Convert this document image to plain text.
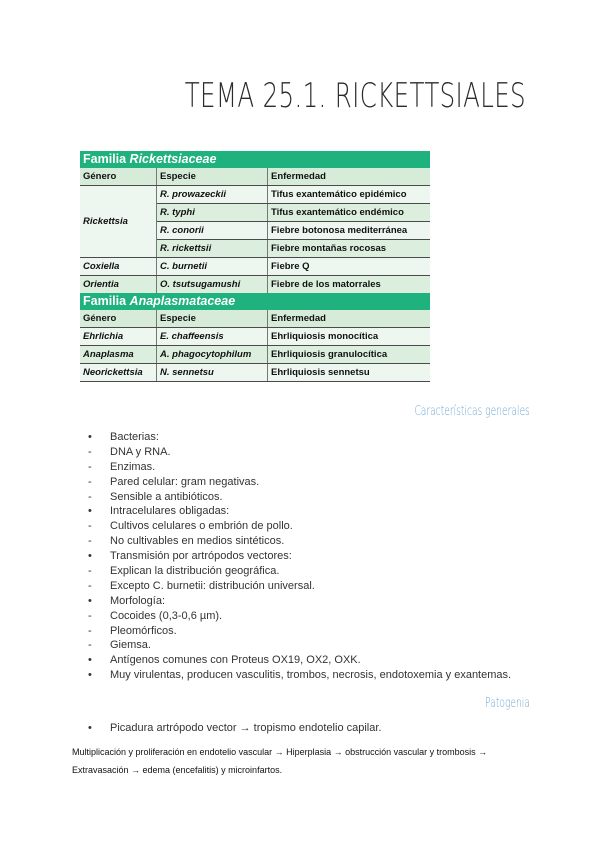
TEMA 25.1. RICKETTSIALES
Familia Rickettsiaceae		
Género	Especie	Enfermedad
Rickettsia	R. prowazeckii	Tifus exantemático epidémico
	R. typhi	Tifus exantemático endémico
	R. conorii	Fiebre botonosa mediterránea
	R. rickettsii	Fiebre montañas rocosas
Coxiella	C. burnetii	Fiebre Q
Orientia	O. tsutsugamushi	Fiebre de los matorrales
Familia Anaplasmataceae		
Género	Especie	Enfermedad
Ehrlichia	E. chaffeensis	Ehrliquiosis monocítica
Anaplasma	A. phagocytophilum	Ehrliquiosis granulocítica
Neorickettsia	N. sennetsu	Ehrliquiosis sennetsu
Características generales
•	Bacterias:
-	DNA y RNA.
-	Enzimas.
-	Pared celular: gram negativas.
-	Sensible a antibióticos.
•	Intracelulares obligadas:
-	Cultivos celulares o embrión de pollo.
-	No cultivables en medios sintéticos.
•	Transmisión por artrópodos vectores:
-	Explican la distribución geográfica.
-	Excepto C. burnetii: distribución universal.
•	Morfología:
-	Cocoides (0,3-0,6 µm).
-	Pleomórficos.
-	Giemsa.
•	Antígenos comunes con Proteus OX19, OX2, OXK.
•	Muy virulentas, producen vasculitis, trombos, necrosis, endotoxemia y exantemas.
Patogenia
•	Picadura artrópodo vector → tropismo endotelio capilar.
Multiplicación y proliferación en endotelio vascular → Hiperplasia → obstrucción vascular y trombosis → Extravasación → edema (encefalitis) y microinfartos.
